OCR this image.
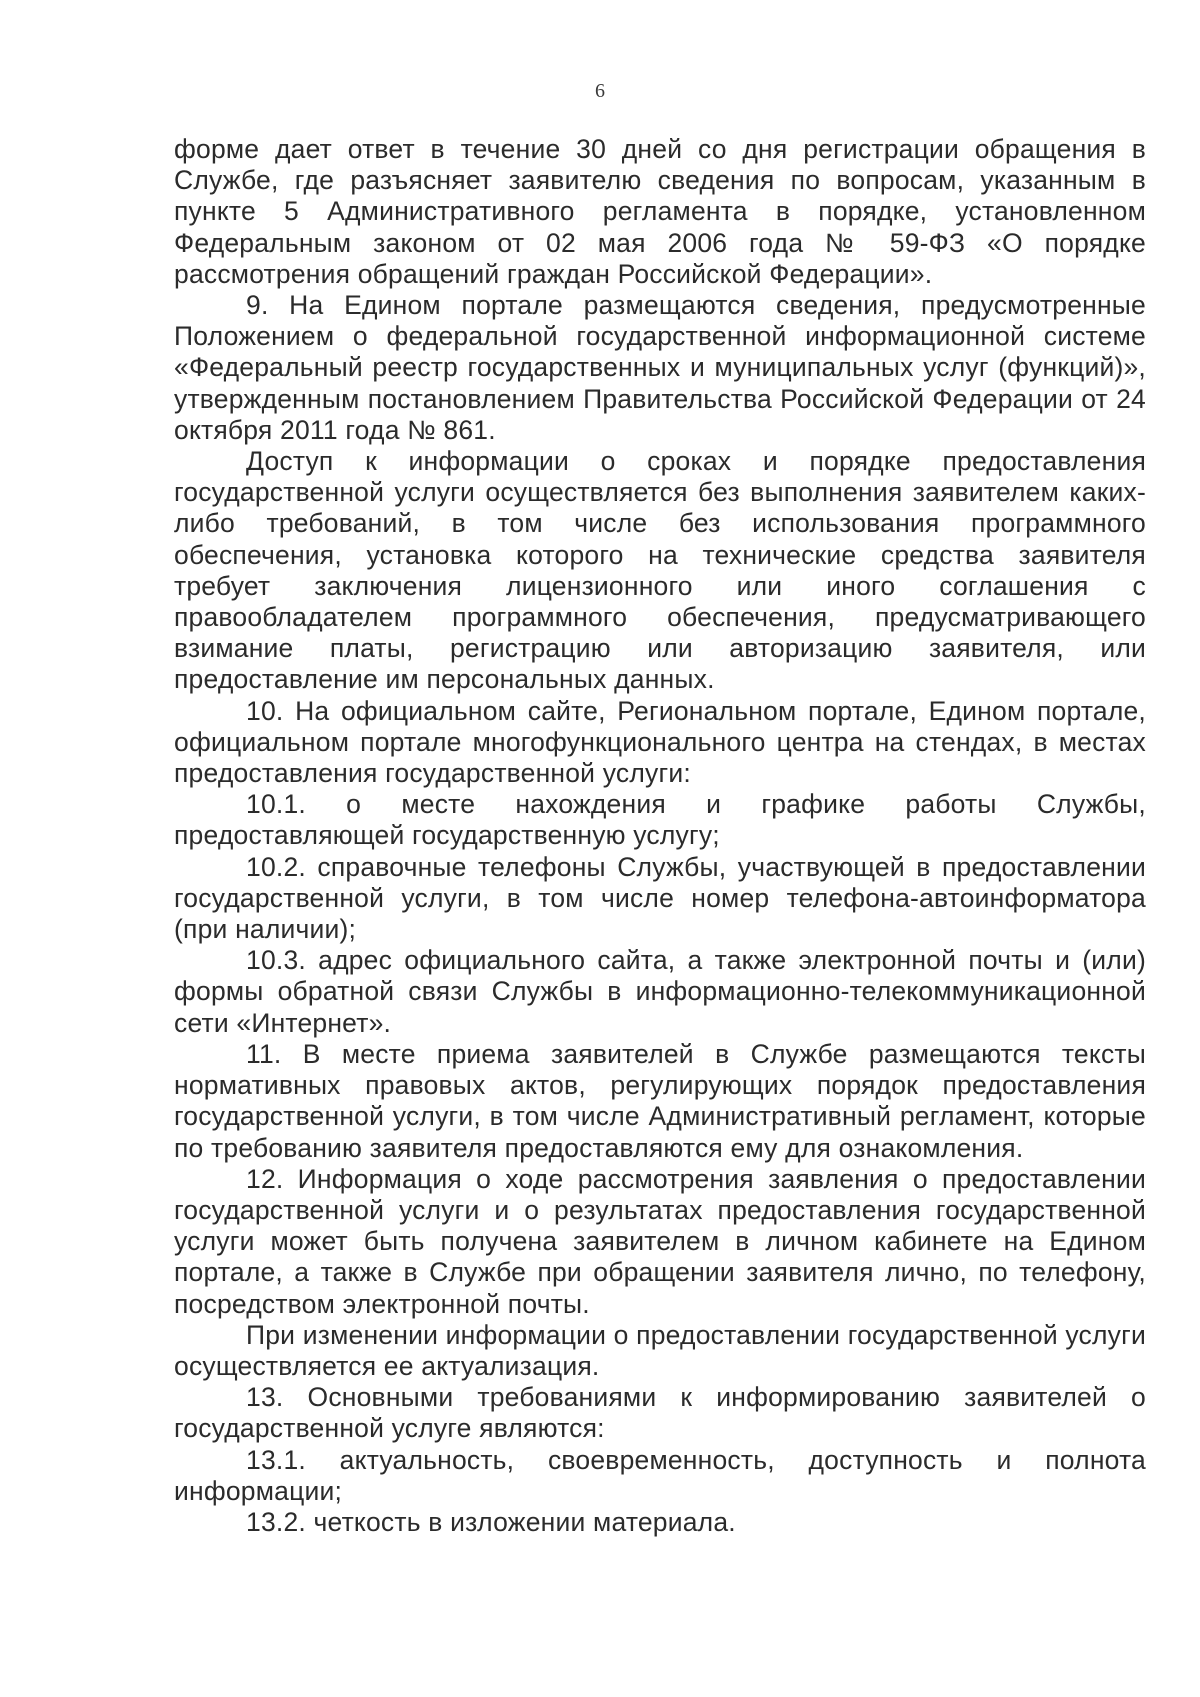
6

форме дает ответ в течение 30 дней со дня регистрации обращения в Службе, где разъясняет заявителю сведения по вопросам, указанным в пункте 5 Административного регламента в порядке, установленном Федеральным законом от 02 мая 2006 года № 59-ФЗ «О порядке рассмотрения обращений граждан Российской Федерации».

9. На Едином портале размещаются сведения, предусмотренные Положением о федеральной государственной информационной системе «Федеральный реестр государственных и муниципальных услуг (функций)», утвержденным постановлением Правительства Российской Федерации от 24 октября 2011 года № 861.

Доступ к информации о сроках и порядке предоставления государственной услуги осуществляется без выполнения заявителем каких-либо требований, в том числе без использования программного обеспечения, установка которого на технические средства заявителя требует заключения лицензионного или иного соглашения с правообладателем программного обеспечения, предусматривающего взимание платы, регистрацию или авторизацию заявителя, или предоставление им персональных данных.

10. На официальном сайте, Региональном портале, Едином портале, официальном портале многофункционального центра на стендах, в местах предоставления государственной услуги:

10.1. о месте нахождения и графике работы Службы, предоставляющей государственную услугу;

10.2. справочные телефоны Службы, участвующей в предоставлении государственной услуги, в том числе номер телефона-автоинформатора (при наличии);

10.3. адрес официального сайта, а также электронной почты и (или) формы обратной связи Службы в информационно-телекоммуникационной сети «Интернет».

11. В месте приема заявителей в Службе размещаются тексты нормативных правовых актов, регулирующих порядок предоставления государственной услуги, в том числе Административный регламент, которые по требованию заявителя предоставляются ему для ознакомления.

12. Информация о ходе рассмотрения заявления о предоставлении государственной услуги и о результатах предоставления государственной услуги может быть получена заявителем в личном кабинете на Едином портале, а также в Службе при обращении заявителя лично, по телефону, посредством электронной почты.

При изменении информации о предоставлении государственной услуги осуществляется ее актуализация.

13. Основными требованиями к информированию заявителей о государственной услуге являются:

13.1. актуальность, своевременность, доступность и полнота информации;

13.2. четкость в изложении материала.
